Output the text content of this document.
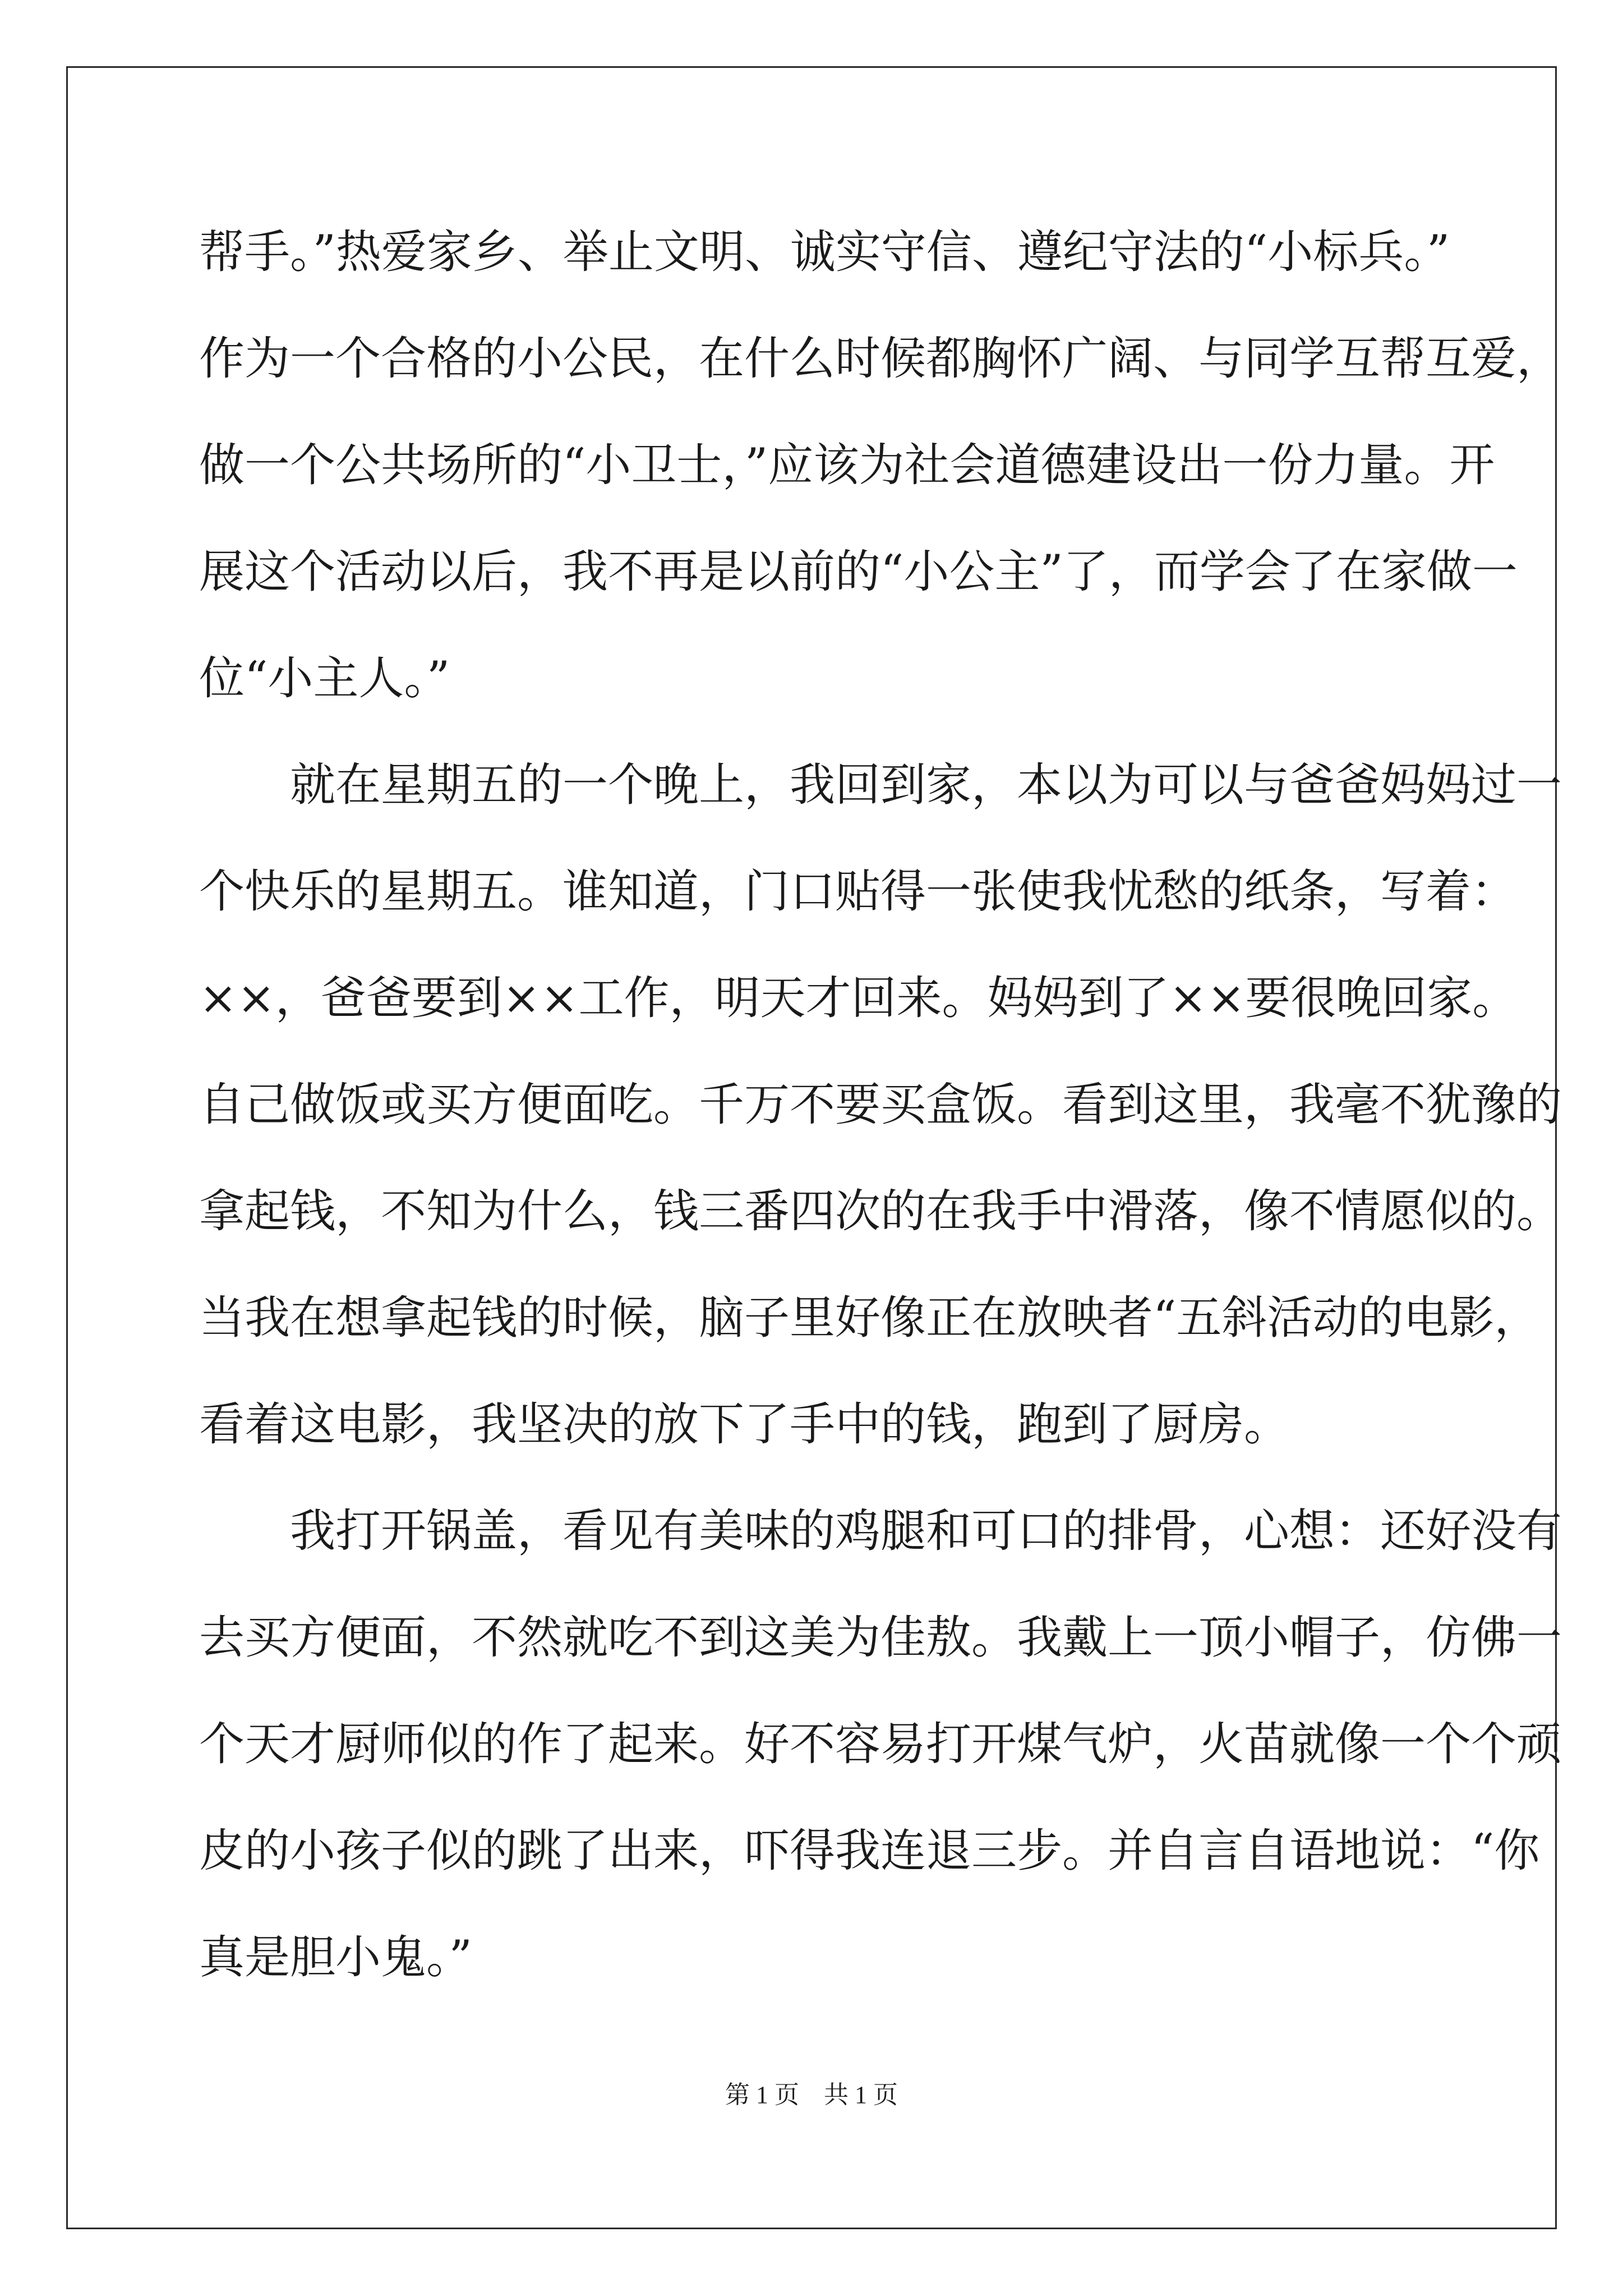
帮手。”热爱家乡、举止文明、诚实守信、遵纪守法的“小标兵。”
作为一个合格的小公民，在什么时候都胸怀广阔、与同学互帮互爱，
做一个公共场所的“小卫士，”应该为社会道德建设出一份力量。开
展这个活动以后，我不再是以前的“小公主”了，而学会了在家做一
位“小主人。”
　　就在星期五的一个晚上，我回到家，本以为可以与爸爸妈妈过一
个快乐的星期五。谁知道，门口贴得一张使我忧愁的纸条，写着：
××，爸爸要到××工作，明天才回来。妈妈到了××要很晚回家。
自己做饭或买方便面吃。千万不要买盒饭。看到这里，我毫不犹豫的
拿起钱，不知为什么，钱三番四次的在我手中滑落，像不情愿似的。
当我在想拿起钱的时候，脑子里好像正在放映者“五斜活动的电影，
看着这电影，我坚决的放下了手中的钱，跑到了厨房。
　　我打开锅盖，看见有美味的鸡腿和可口的排骨，心想：还好没有
去买方便面，不然就吃不到这美为佳敖。我戴上一顶小帽子，仿佛一
个天才厨师似的作了起来。好不容易打开煤气炉，火苗就像一个个顽
皮的小孩子似的跳了出来，吓得我连退三步。并自言自语地说：“你
真是胆小鬼。”
第 1 页　共 1 页
